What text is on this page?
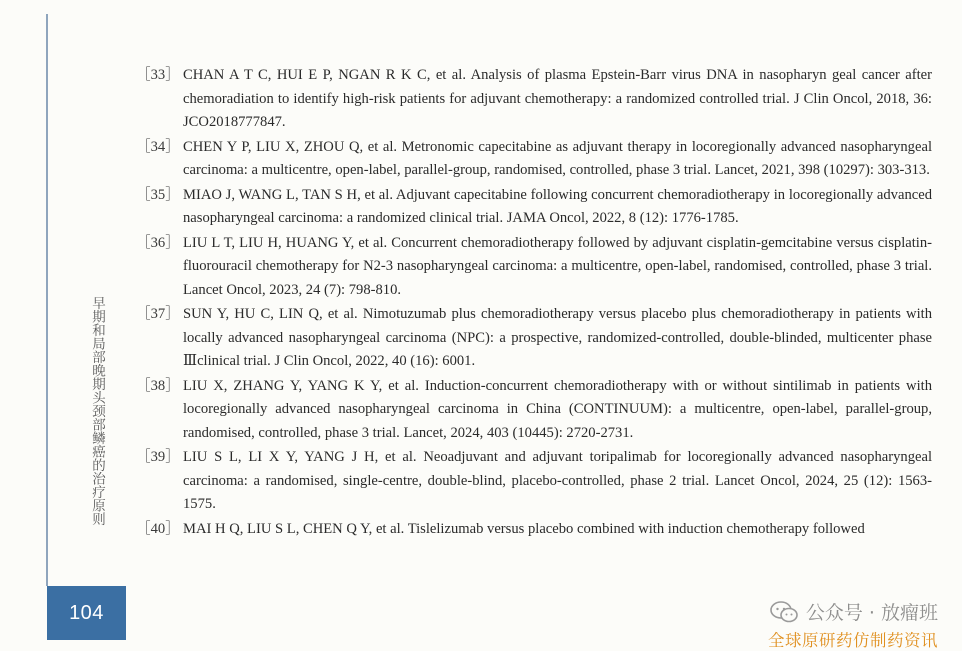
早期和局部晚期头颈部鳞癌的治疗原则
104
［33］ CHAN A T C, HUI E P, NGAN R K C, et al. Analysis of plasma Epstein-Barr virus DNA in nasopharyn geal cancer after chemoradiation to identify high-risk patients for adjuvant chemotherapy: a randomized controlled trial. J Clin Oncol, 2018, 36: JCO2018777847.
［34］ CHEN Y P, LIU X, ZHOU Q, et al. Metronomic capecitabine as adjuvant therapy in locoregionally advanced nasopharyngeal carcinoma: a multicentre, open-label, parallel-group, randomised, controlled, phase 3 trial. Lancet, 2021, 398 (10297): 303-313.
［35］ MIAO J, WANG L, TAN S H, et al. Adjuvant capecitabine following concurrent chemoradiotherapy in locoregionally advanced nasopharyngeal carcinoma: a randomized clinical trial. JAMA Oncol, 2022, 8 (12): 1776-1785.
［36］ LIU L T, LIU H, HUANG Y, et al. Concurrent chemoradiotherapy followed by adjuvant cisplatin-gemcitabine versus cisplatin-fluorouracil chemotherapy for N2-3 nasopharyngeal carcinoma: a multicentre, open-label, randomised, controlled, phase 3 trial. Lancet Oncol, 2023, 24 (7): 798-810.
［37］ SUN Y, HU C, LIN Q, et al. Nimotuzumab plus chemoradiotherapy versus placebo plus chemoradiotherapy in patients with locally advanced nasopharyngeal carcinoma (NPC): a prospective, randomized-controlled, double-blinded, multicenter phase Ⅲclinical trial. J Clin Oncol, 2022, 40 (16): 6001.
［38］ LIU X, ZHANG Y, YANG K Y, et al. Induction-concurrent chemoradiotherapy with or without sintilimab in patients with locoregionally advanced nasopharyngeal carcinoma in China (CONTINUUM): a multicentre, open-label, parallel-group, randomised, controlled, phase 3 trial. Lancet, 2024, 403 (10445): 2720-2731.
［39］ LIU S L, LI X Y, YANG J H, et al. Neoadjuvant and adjuvant toripalimab for locoregionally advanced nasopharyngeal carcinoma: a randomised, single-centre, double-blind, placebo-controlled, phase 2 trial. Lancet Oncol, 2024, 25 (12): 1563-1575.
［40］ MAI H Q, LIU S L, CHEN Q Y, et al. Tislelizumab versus placebo combined with induction chemotherapy followed
公众号 · 放瘤班
全球原研药仿制药资讯
